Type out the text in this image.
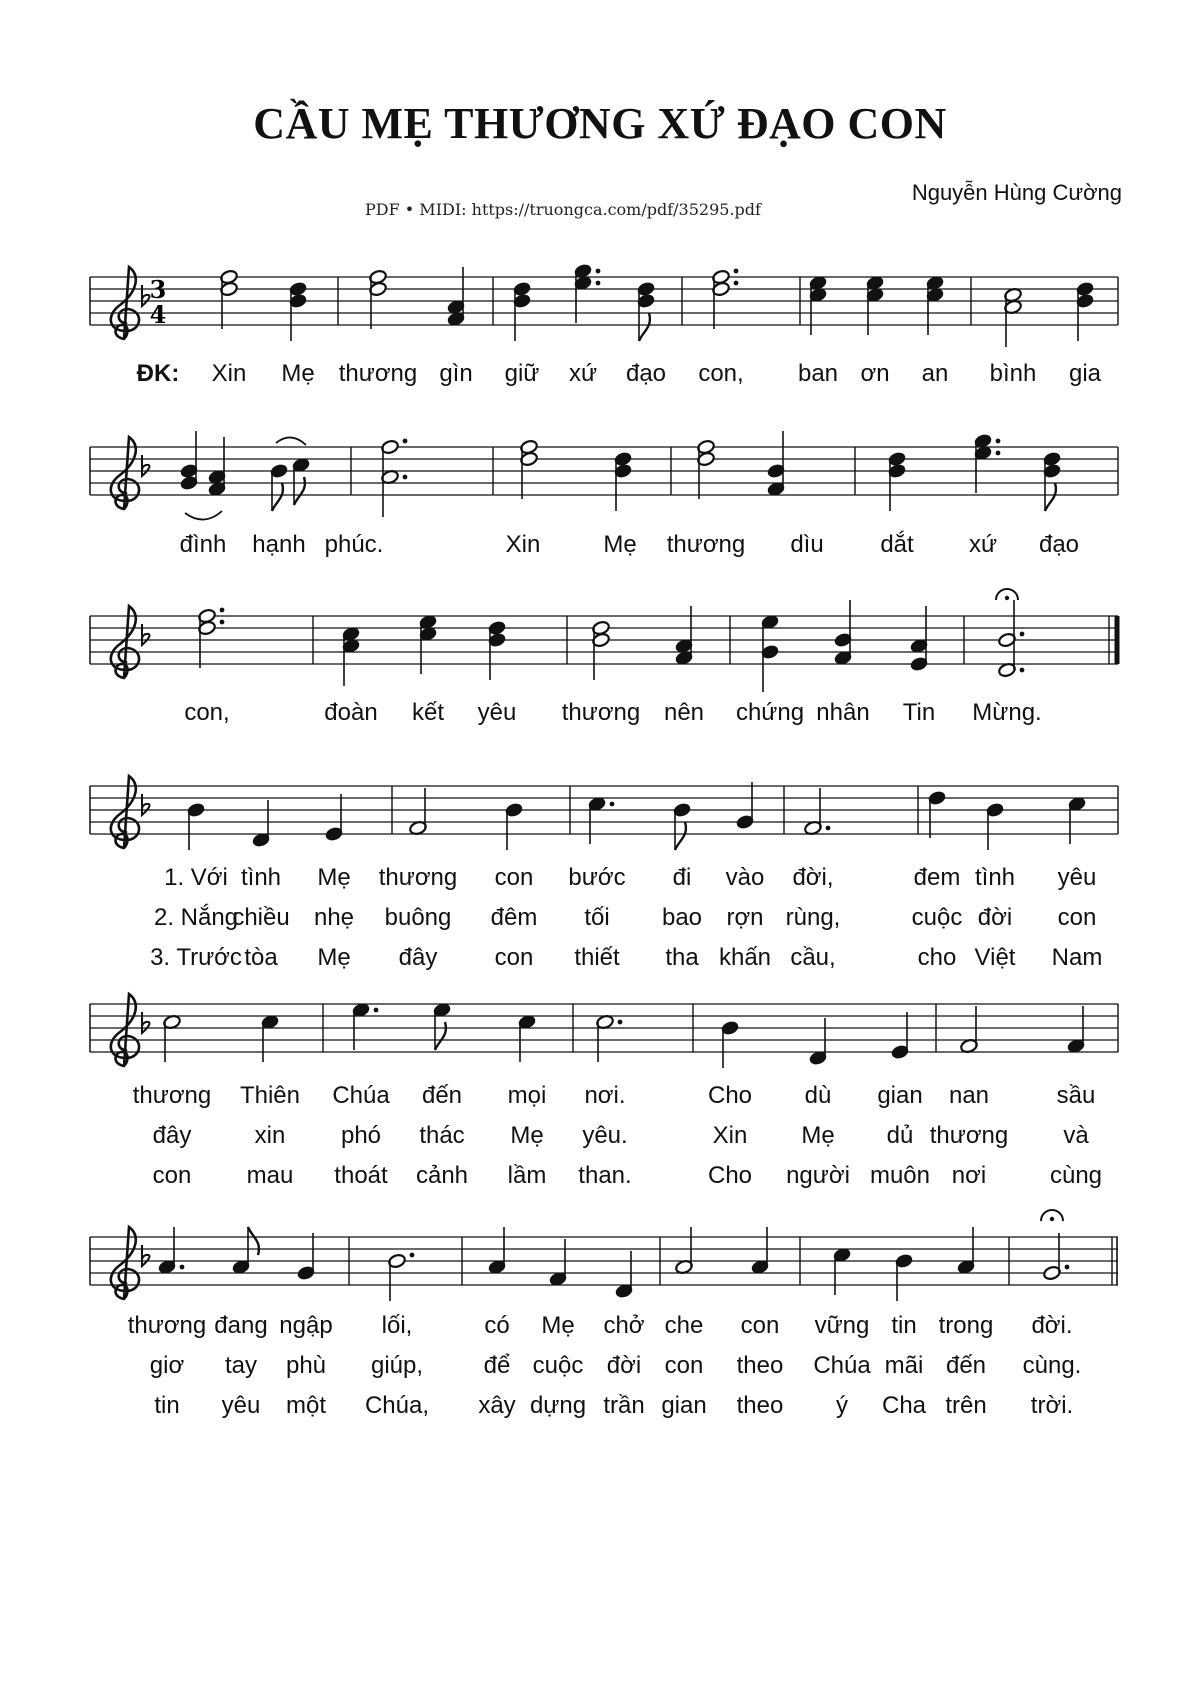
CẦU MẸ THƯƠNG XỨ ĐẠO CON
Nguyễn Hùng Cường
PDF • MIDI: https://truongca.com/pdf/35295.pdf
3
4
ĐK: Xin Mẹ thương gìn giữ xứ đạo con, ban ơn an bình gia
đình hạnh phúc.	Xin	Mẹ thương dìu dắt xứ đạo
con,	đoàn kết yêu thương nên chứng nhân Tin Mừng.
1. Với tình Mẹ thương con bước đi vào đời,	đem tình yêu
2. Nắng
chiều nhẹ buông đêm tối bao rợn rùng,	cuộc đời con
3. Trước tòa Mẹ đây con thiết tha khấn cầu,	cho Việt Nam
thương Thiên Chúa đến mọi nơi.	Cho dù gian nan	sầu
đây	xin phó thác Mẹ yêu.	Xin Mẹ dủ thương và
con mau thoát cảnh lầm than.	Cho người muôn nơi	cùng
thương đang ngập lối,	có Mẹ chở che con vững tin trong đời.
giơ tay phù giúp,	để cuộc đời con theo Chúa mãi đến cùng.
tin yêu một Chúa, xây dựng trần gian theo ý Cha trên trời.
